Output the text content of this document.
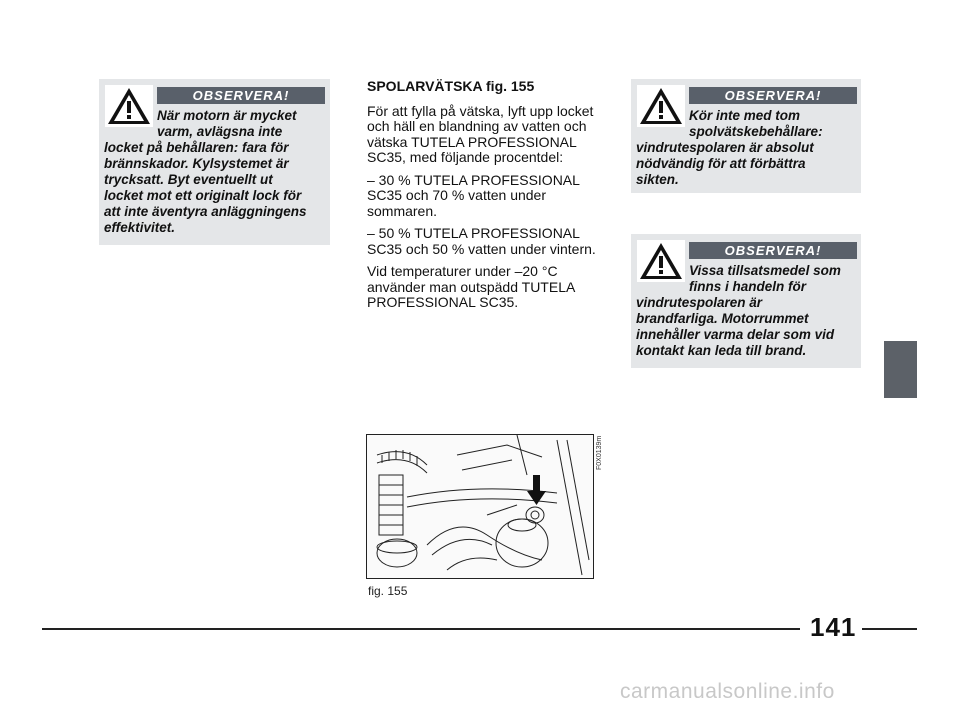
OBSERVERA!
När motorn är mycket
varm, avlägsna inte
locket på behållaren: fara för
brännskador. Kylsystemet är
trycksatt. Byt eventuellt ut
locket mot ett originalt lock för
att inte äventyra anläggningens
effektivitet.
SPOLARVÄTSKA fig. 155

För att fylla på vätska, lyft upp locket och häll en blandning av vatten och vätska TUTELA PROFESSIONAL SC35, med följande procentdel:

– 30 % TUTELA PROFESSIONAL SC35 och 70 % vatten under sommaren.

– 50 % TUTELA PROFESSIONAL SC35 och 50 % vatten under vintern.

Vid temperaturer under –20 °C använder man outspädd TUTELA PROFESSIONAL SC35.

OBSERVERA!
Kör inte med tom
spolvätskebehållare:
vindrutespolaren är absolut
nödvändig för att förbättra
sikten.
OBSERVERA!
Vissa tillsatsmedel som
finns i handeln för
vindrutespolaren är
brandfarliga. Motorrummet
innehåller varma delar som vid
kontakt kan leda till brand.
F0X0139m
fig. 155
141
carmanualsonline.info
